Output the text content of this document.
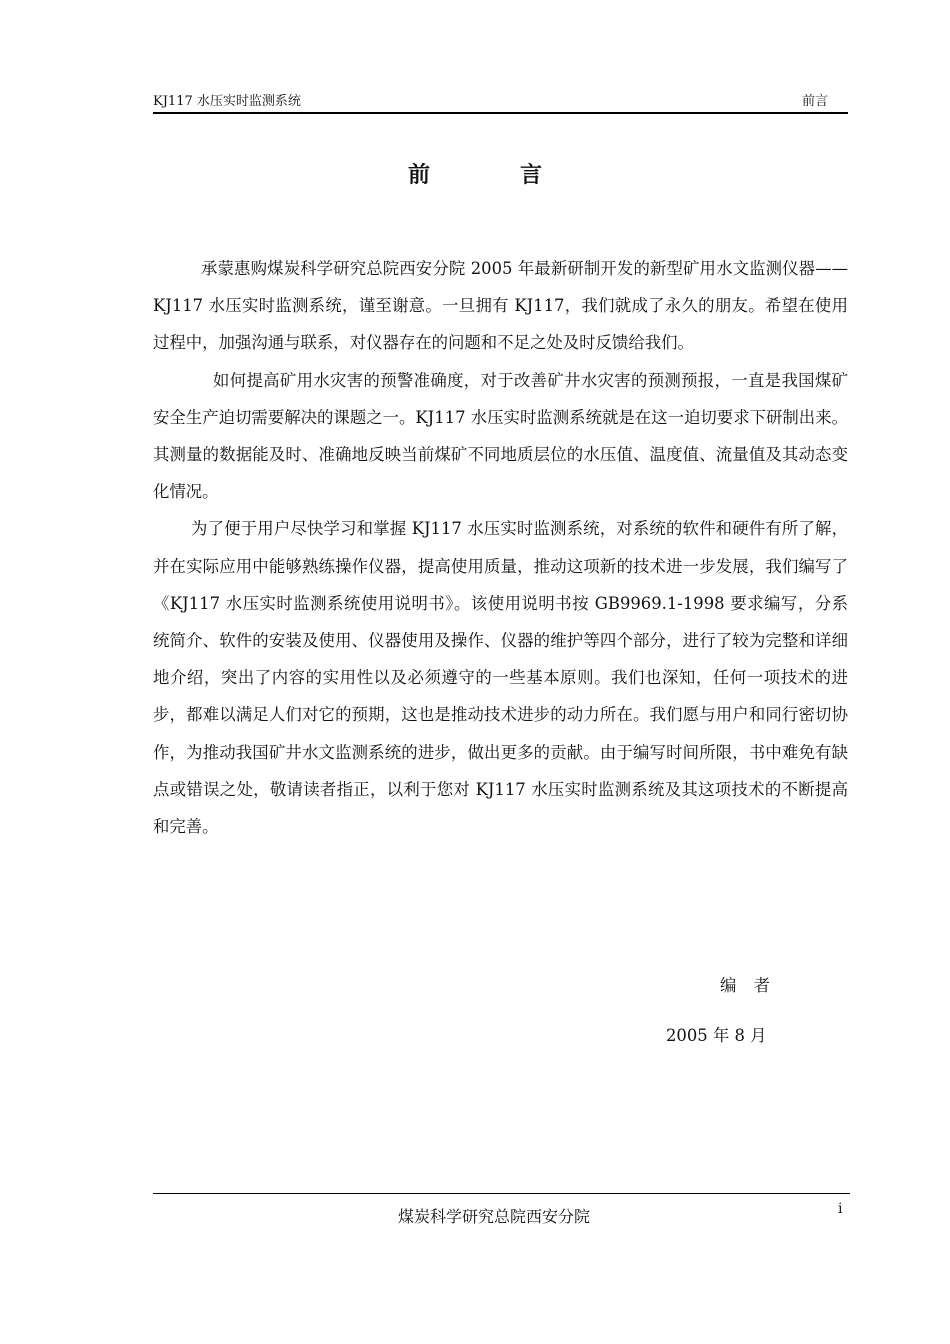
KJ117 水压实时监测系统	前言
前	言

承蒙惠购煤炭科学研究总院西安分院 2005 年最新研制开发的新型矿用水文监测仪器——KJ117 水压实时监测系统，谨至谢意。一旦拥有 KJ117，我们就成了永久的朋友。希望在使用过程中，加强沟通与联系，对仪器存在的问题和不足之处及时反馈给我们。

如何提高矿用水灾害的预警准确度，对于改善矿井水灾害的预测预报，一直是我国煤矿安全生产迫切需要解决的课题之一。KJ117 水压实时监测系统就是在这一迫切要求下研制出来。其测量的数据能及时、准确地反映当前煤矿不同地质层位的水压值、温度值、流量值及其动态变化情况。

为了便于用户尽快学习和掌握 KJ117 水压实时监测系统，对系统的软件和硬件有所了解，并在实际应用中能够熟练操作仪器，提高使用质量，推动这项新的技术进一步发展，我们编写了《KJ117 水压实时监测系统使用说明书》。该使用说明书按 GB9969.1-1998 要求编写，分系统简介、软件的安装及使用、仪器使用及操作、仪器的维护等四个部分，进行了较为完整和详细地介绍，突出了内容的实用性以及必须遵守的一些基本原则。我们也深知，任何一项技术的进步，都难以满足人们对它的预期，这也是推动技术进步的动力所在。我们愿与用户和同行密切协作，为推动我国矿井水文监测系统的进步，做出更多的贡献。由于编写时间所限，书中难免有缺点或错误之处，敬请读者指正，以利于您对 KJ117 水压实时监测系统及其这项技术的不断提高和完善。

编 者
2005 年 8 月
煤炭科学研究总院西安分院	i
